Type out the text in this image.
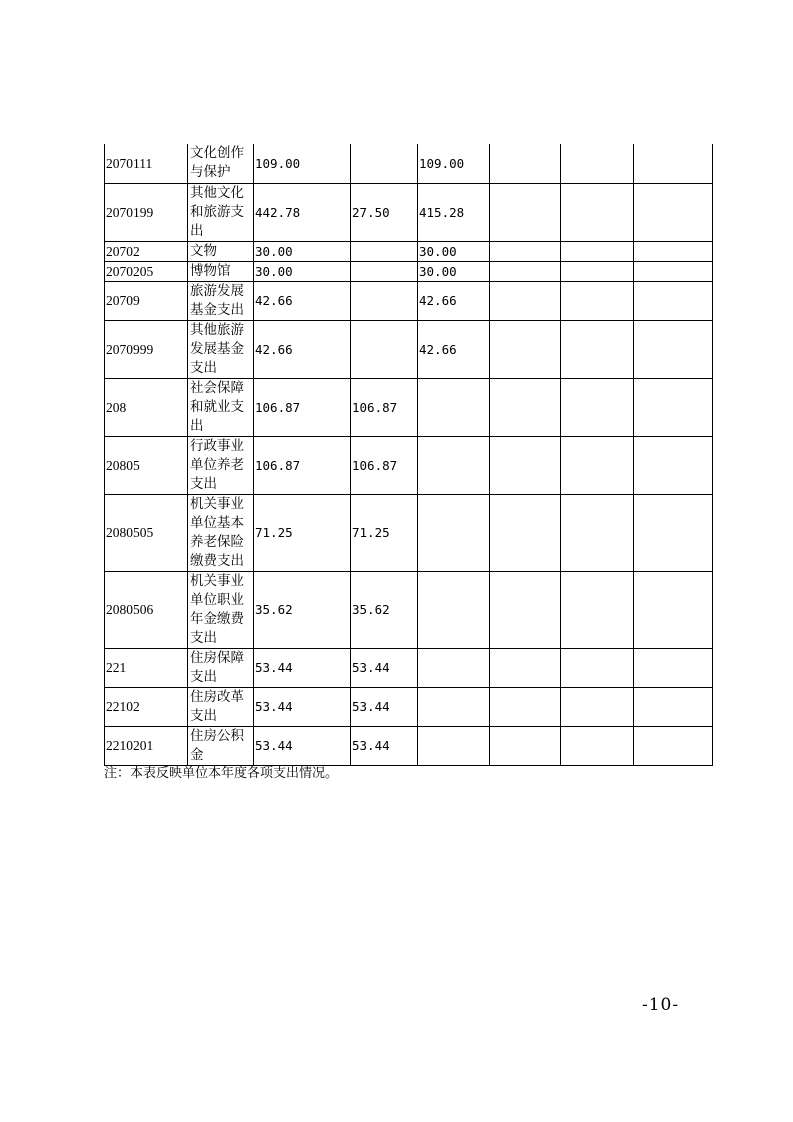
2070111	文化创作与保护	109.00		109.00			
2070199	其他文化和旅游支出	442.78	27.50	415.28			
20702	文物	30.00		30.00			
2070205	博物馆	30.00		30.00			
20709	旅游发展基金支出	42.66		42.66			
2070999	其他旅游发展基金支出	42.66		42.66			
208	社会保障和就业支出	106.87	106.87				
20805	行政事业单位养老支出	106.87	106.87				
2080505	机关事业单位基本养老保险缴费支出	71.25	71.25				
2080506	机关事业单位职业年金缴费支出	35.62	35.62				
221	住房保障支出	53.44	53.44				
22102	住房改革支出	53.44	53.44				
2210201	住房公积金	53.44	53.44				
注：本表反映单位本年度各项支出情况。
-10-
